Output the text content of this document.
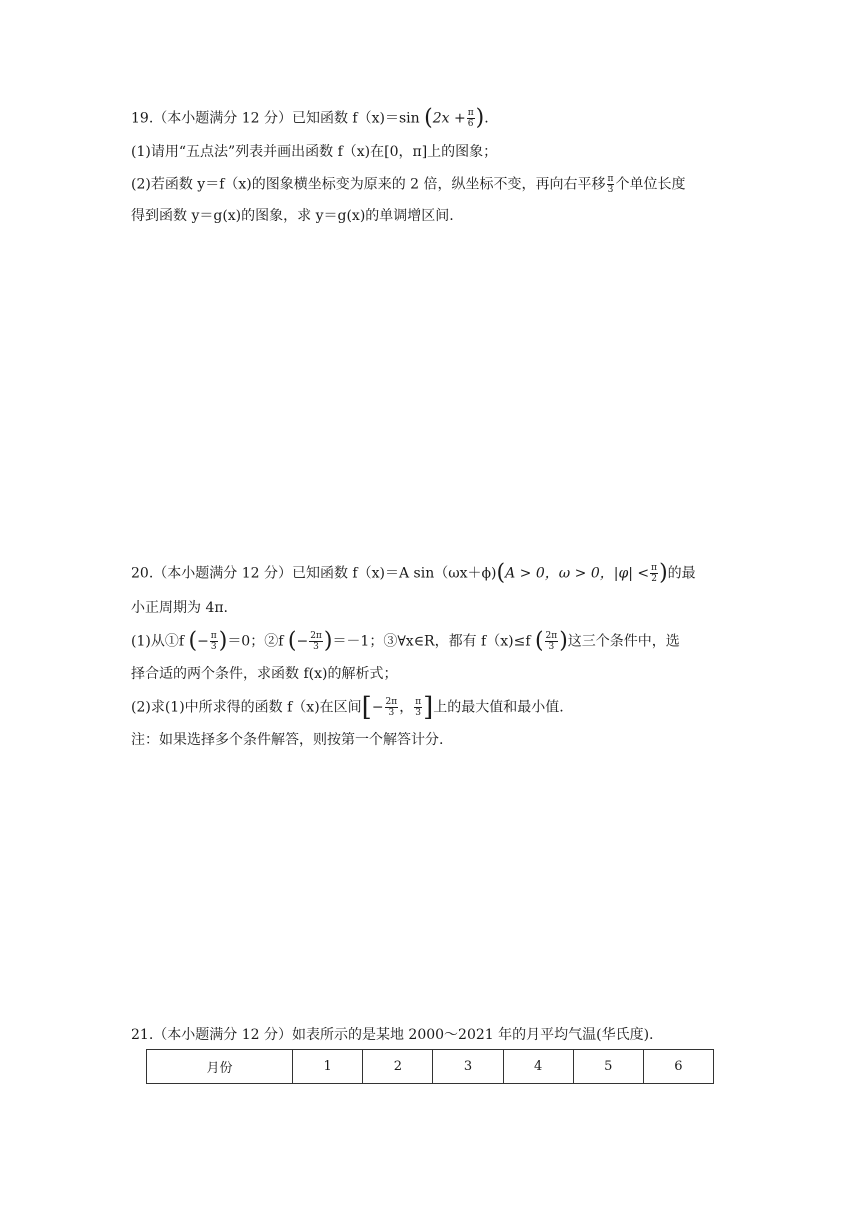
19.（本小题满分 12 分）已知函数 f（x)＝sin ($2x + \frac{\pi}{6}$ ).
(1)请用“五点法”列表并画出函数 f（x)在[0，π]上的图象；
(2)若函数 y＝f（x)的图象横坐标变为原来的 2 倍，纵坐标不变，再向右平移 $\frac{\pi}{3}$ 个单位长度
得到函数 y＝g(x)的图象，求 y＝g(x)的单调增区间.
20.（本小题满分 12 分）已知函数 f（x)＝A sin（ωx＋ϕ)(A > 0，ω > 0，$|\varphi| < \frac{\pi}{2}$ )的最
小正周期为 4π.
(1)从①f (− $\frac{\pi}{3} )=0$；②f (− $\frac{2\pi}{3} )=-1$；③∀x∈R，都有 f（x)≤f ( $\frac{2\pi}{3}$ )这三个条件中，选
择合适的两个条件，求函数 f(x)的解析式；
(2)求(1)中所求得的函数 f（x)在区间[− $\frac{2\pi}{3}$ ， $\frac{\pi}{3}$ ]上的最大值和最小值.
注：如果选择多个条件解答，则按第一个解答计分.
21.（本小题满分 12 分）如表所示的是某地 2000～2021 年的月平均气温(华氏度).
月份	1	2	3	4	5	6
